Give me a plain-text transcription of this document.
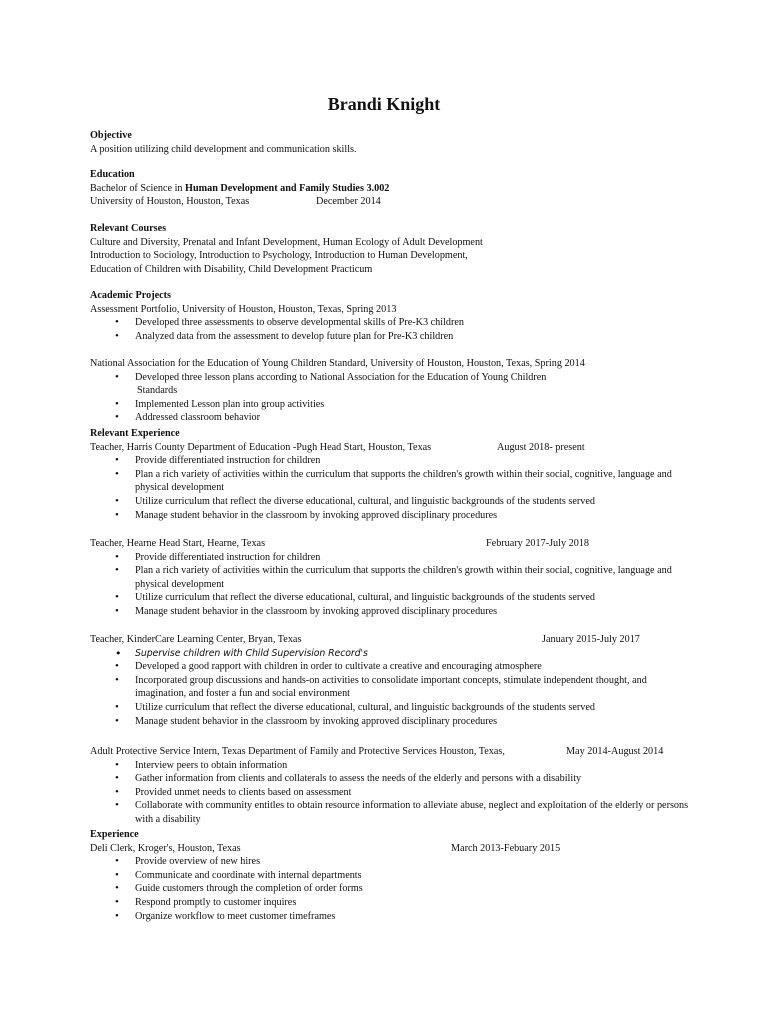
Brandi Knight
Objective
A position utilizing child development and communication skills.
Education
Bachelor of Science in Human Development and Family Studies 3.002
University of Houston, Houston, Texas	December 2014
Relevant Courses
Culture and Diversity, Prenatal and Infant Development, Human Ecology of Adult Development
Introduction to Sociology, Introduction to Psychology, Introduction to Human Development,
Education of Children with Disability, Child Development Practicum
Academic Projects
Assessment Portfolio, University of Houston, Houston, Texas, Spring 2013
• Developed three assessments to observe developmental skills of Pre-K3 children
• Analyzed data from the assessment to develop future plan for Pre-K3 children
National Association for the Education of Young Children Standard, University of Houston, Houston, Texas, Spring 2014
• Developed three lesson plans according to National Association for the Education of Young Children
Standards
• Implemented Lesson plan into group activities
• Addressed classroom behavior
Relevant Experience
Teacher, Harris County Department of Education -Pugh Head Start, Houston, Texas	August 2018- present
• Provide differentiated instruction for children
• Plan a rich variety of activities within the curriculum that supports the children's growth within their social, cognitive, language and physical development
• Utilize curriculum that reflect the diverse educational, cultural, and linguistic backgrounds of the students served
• Manage student behavior in the classroom by invoking approved disciplinary procedures
Teacher, Hearne Head Start, Hearne, Texas	February 2017-July 2018
• Provide differentiated instruction for children
• Plan a rich variety of activities within the curriculum that supports the children's growth within their social, cognitive, language and physical development
• Utilize curriculum that reflect the diverse educational, cultural, and linguistic backgrounds of the students served
• Manage student behavior in the classroom by invoking approved disciplinary procedures
Teacher, KinderCare Learning Center, Bryan, Texas	January 2015-July 2017
• Supervise children with Child Supervision Record's
• Developed a good rapport with children in order to cultivate a creative and encouraging atmosphere
• Incorporated group discussions and hands-on activities to consolidate important concepts, stimulate independent thought, and imagination, and foster a fun and social environment
• Utilize curriculum that reflect the diverse educational, cultural, and linguistic backgrounds of the students served
• Manage student behavior in the classroom by invoking approved disciplinary procedures
Adult Protective Service Intern, Texas Department of Family and Protective Services Houston, Texas,	May 2014-August 2014
• Interview peers to obtain information
• Gather information from clients and collaterals to assess the needs of the elderly and persons with a disability
• Provided unmet needs to clients based on assessment
• Collaborate with community entitles to obtain resource information to alleviate abuse, neglect and exploitation of the elderly or persons with a disability
Experience
Deli Clerk, Kroger's, Houston, Texas	March 2013-Febuary 2015
• Provide overview of new hires
• Communicate and coordinate with internal departments
• Guide customers through the completion of order forms
• Respond promptly to customer inquires
• Organize workflow to meet customer timeframes
